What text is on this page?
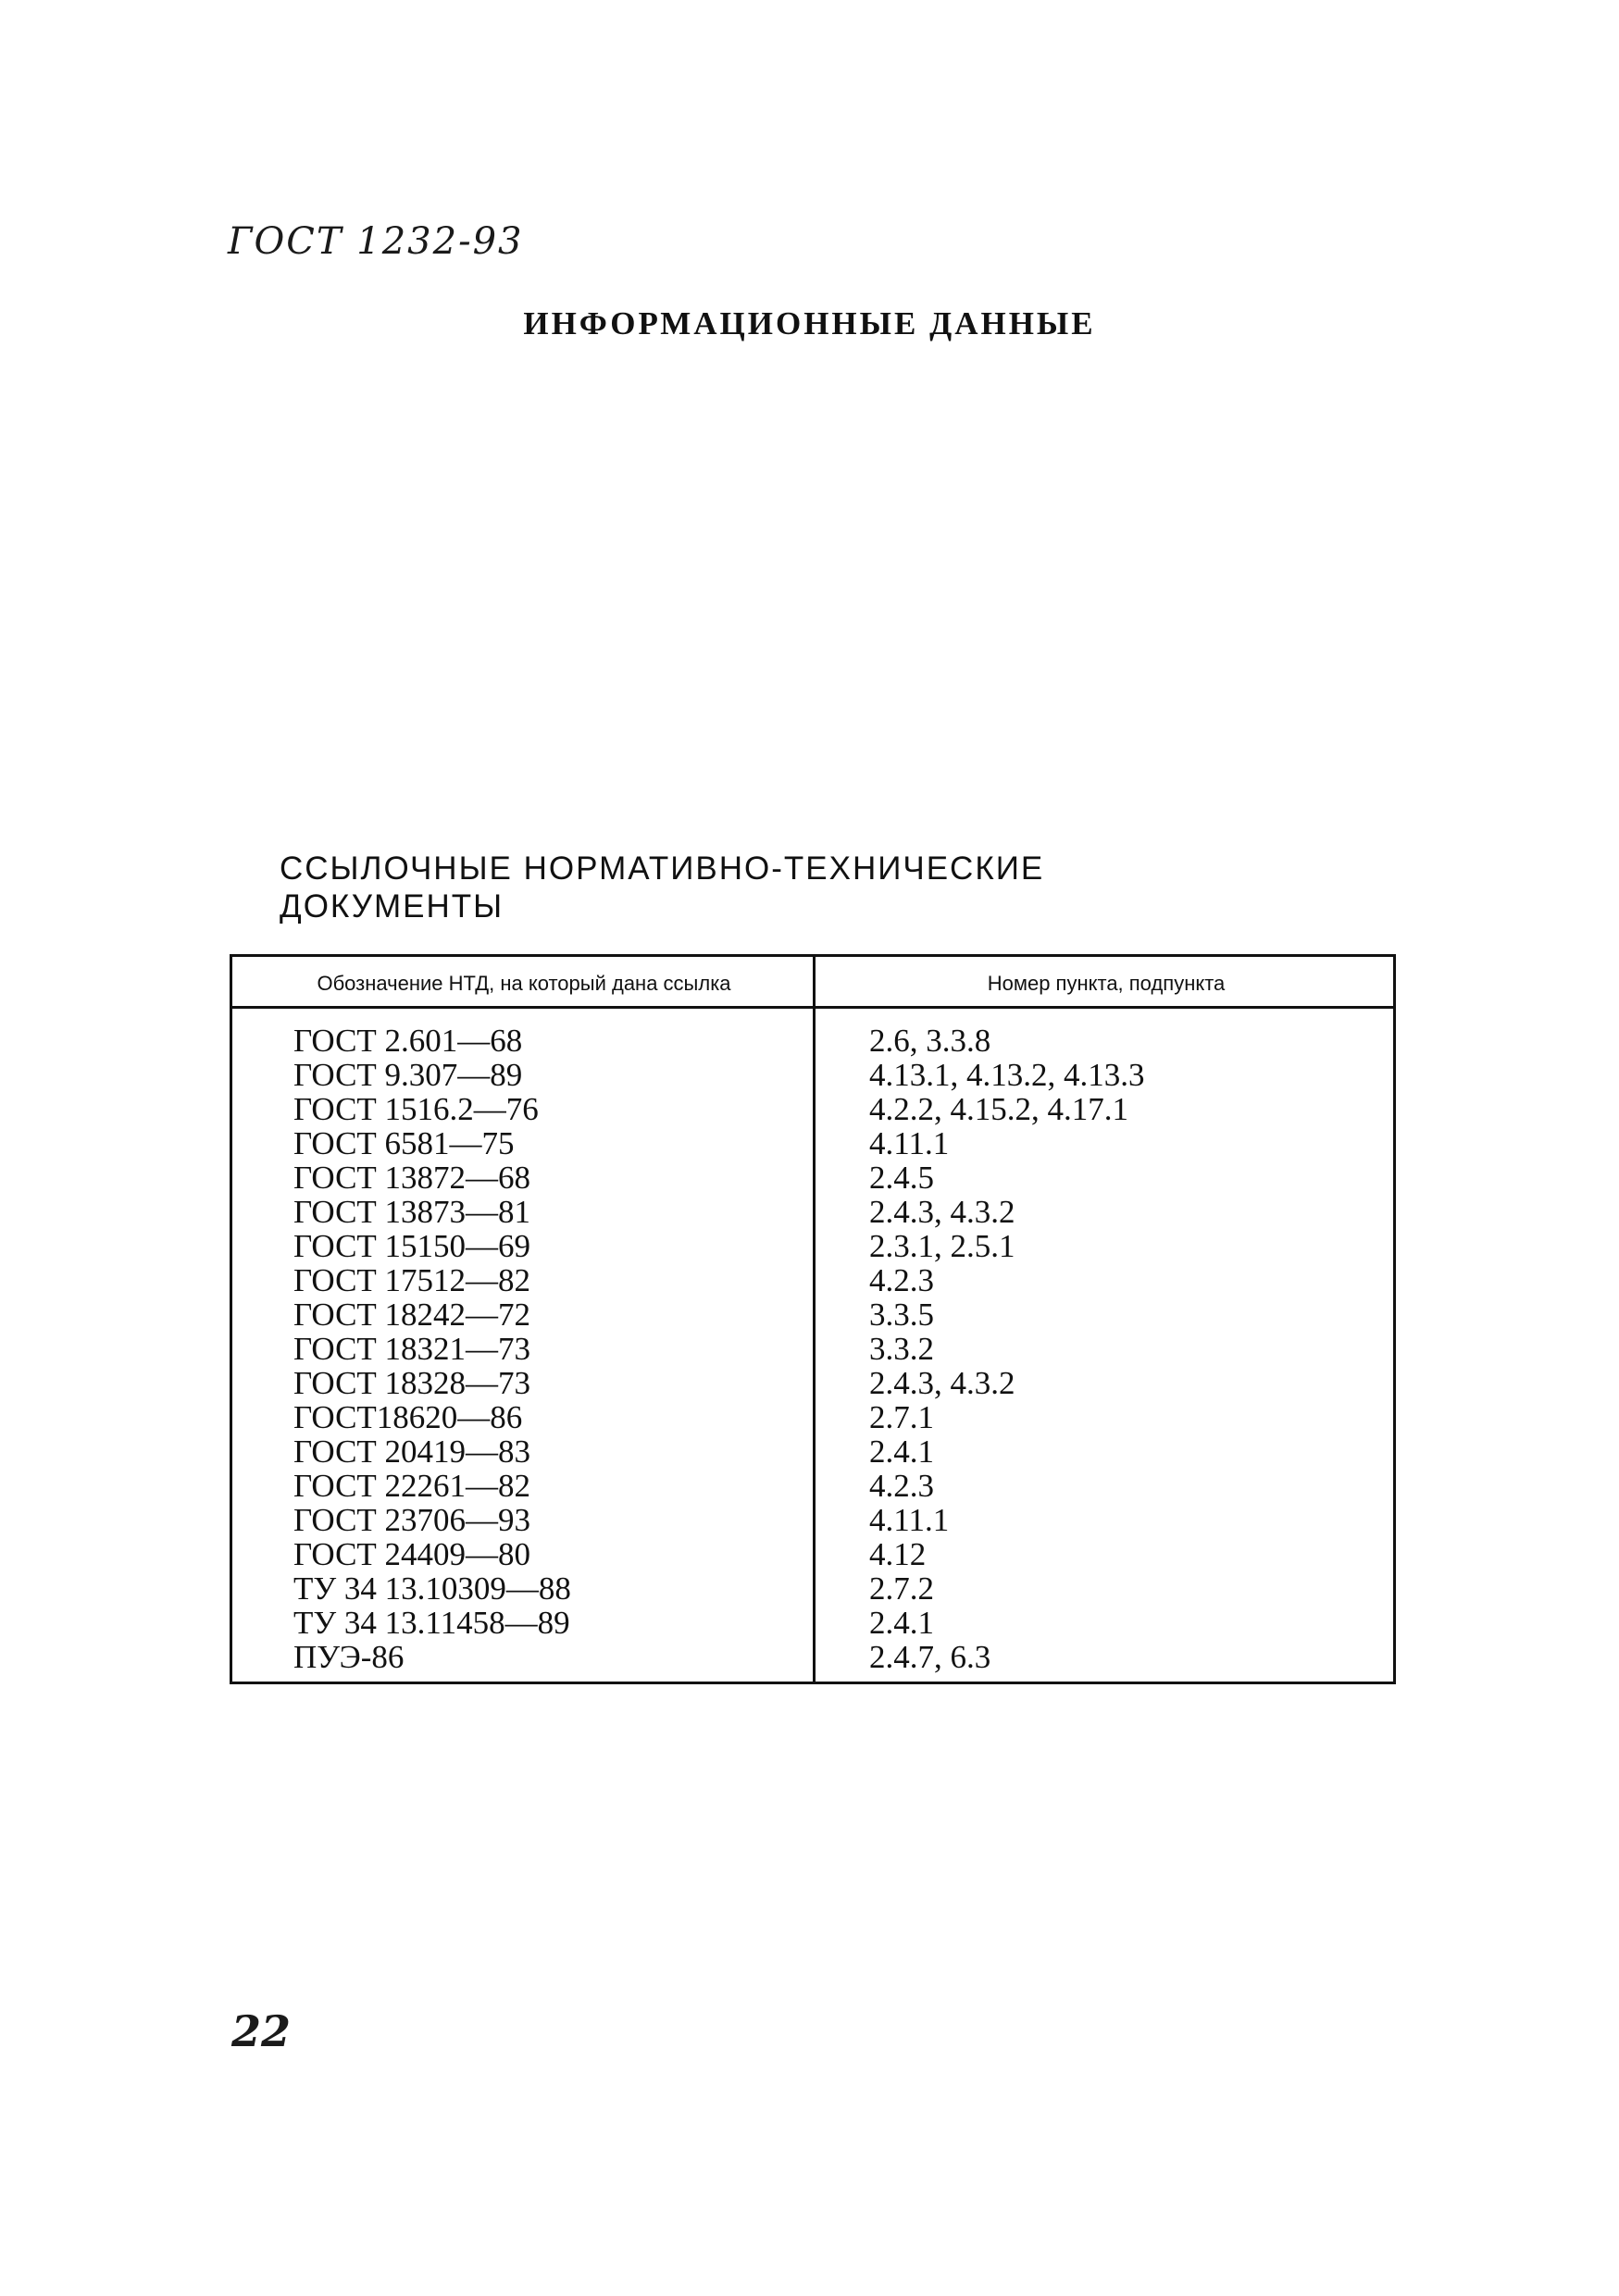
ГОСТ 1232-93
ИНФОРМАЦИОННЫЕ ДАННЫЕ
ССЫЛОЧНЫЕ НОРМАТИВНО-ТЕХНИЧЕСКИЕ
ДОКУМЕНТЫ
Обозначение НТД, на который дана ссылка	Номер пункта, подпункта
ГОСТ 2.601—68	2.6, 3.3.8
ГОСТ 9.307—89	4.13.1, 4.13.2, 4.13.3
ГОСТ 1516.2—76	4.2.2, 4.15.2, 4.17.1
ГОСТ 6581—75	4.11.1
ГОСТ 13872—68	2.4.5
ГОСТ 13873—81	2.4.3, 4.3.2
ГОСТ 15150—69	2.3.1, 2.5.1
ГОСТ 17512—82	4.2.3
ГОСТ 18242—72	3.3.5
ГОСТ 18321—73	3.3.2
ГОСТ 18328—73	2.4.3, 4.3.2
ГОСТ18620—86	2.7.1
ГОСТ 20419—83	2.4.1
ГОСТ 22261—82	4.2.3
ГОСТ 23706—93	4.11.1
ГОСТ 24409—80	4.12
ТУ 34 13.10309—88	2.7.2
ТУ 34 13.11458—89	2.4.1
ПУЭ-86	2.4.7, 6.3
22
